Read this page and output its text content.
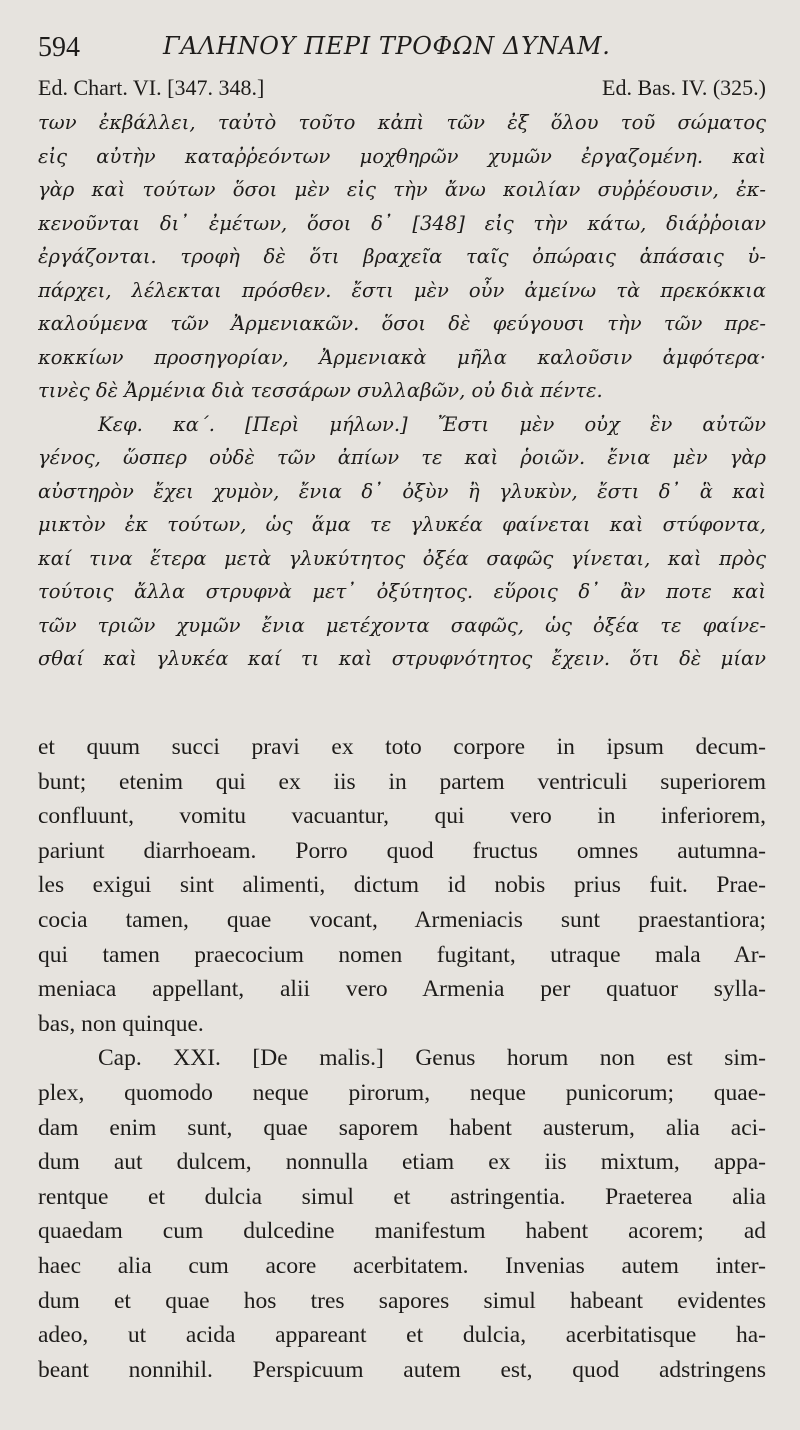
594	ΓΑΛΗΝΟΥ ΠΕΡΙ ΤΡΟΦΩΝ ΔΥΝΑΜ.
Ed. Chart. VI. [347. 348.]	Ed. Bas. IV. (325.)
των ἐκβάλλει, ταὐτὸ τοῦτο κἀπὶ τῶν ἐξ ὅλου τοῦ σώματος
εἰς αὐτὴν καταῤῥεόντων μοχθηρῶν χυμῶν ἐργαζομένη. καὶ
γὰρ καὶ τούτων ὅσοι μὲν εἰς τὴν ἄνω κοιλίαν συῤῥέουσιν, ἐκ-
κενοῦνται δι᾽ ἐμέτων, ὅσοι δ᾽ [348] εἰς τὴν κάτω, διάῤῥοιαν
ἐργάζονται. τροφὴ δὲ ὅτι βραχεῖα ταῖς ὀπώραις ἁπάσαις ὑ-
πάρχει, λέλεκται πρόσθεν. ἔστι μὲν οὖν ἀμείνω τὰ πρεκόκκια
καλούμενα τῶν Ἀρμενιακῶν. ὅσοι δὲ φεύγουσι τὴν τῶν πρε-
κοκκίων προσηγορίαν, Ἀρμενιακὰ μῆλα καλοῦσιν ἀμφότερα·
τινὲς δὲ Ἀρμένια διὰ τεσσάρων συλλαβῶν, οὐ διὰ πέντε.
Κεφ. κα΄. [Περὶ μήλων.] Ἔστι μὲν οὐχ ἓν αὐτῶν
γένος, ὥσπερ οὐδὲ τῶν ἀπίων τε καὶ ῥοιῶν. ἔνια μὲν γὰρ
αὐστηρὸν ἔχει χυμὸν, ἔνια δ᾽ ὀξὺν ἢ γλυκὺν, ἔστι δ᾽ ἃ καὶ
μικτὸν ἐκ τούτων, ὡς ἅμα τε γλυκέα φαίνεται καὶ στύφοντα,
καί τινα ἕτερα μετὰ γλυκύτητος ὀξέα σαφῶς γίνεται, καὶ πρὸς
τούτοις ἄλλα στρυφνὰ μετ᾽ ὀξύτητος. εὕροις δ᾽ ἂν ποτε καὶ
τῶν τριῶν χυμῶν ἔνια μετέχοντα σαφῶς, ὡς ὀξέα τε φαίνε-
σθαί καὶ γλυκέα καί τι καὶ στρυφνότητος ἔχειν. ὅτι δὲ μίαν
et quum succi pravi ex toto corpore in ipsum decum-
bunt; etenim qui ex iis in partem ventriculi superiorem
confluunt, vomitu vacuantur, qui vero in inferiorem,
pariunt diarrhoeam. Porro quod fructus omnes autumna-
les exigui sint alimenti, dictum id nobis prius fuit. Prae-
cocia tamen, quae vocant, Armeniacis sunt praestantiora;
qui tamen praecocium nomen fugitant, utraque mala Ar-
meniaca appellant, alii vero Armenia per quatuor sylla-
bas, non quinque.
Cap. XXI. [De malis.] Genus horum non est sim-
plex, quomodo neque pirorum, neque punicorum; quae-
dam enim sunt, quae saporem habent austerum, alia aci-
dum aut dulcem, nonnulla etiam ex iis mixtum, appa-
rentque et dulcia simul et astringentia. Praeterea alia
quaedam cum dulcedine manifestum habent acorem; ad
haec alia cum acore acerbitatem. Invenias autem inter-
dum et quae hos tres sapores simul habeant evidentes
adeo, ut acida appareant et dulcia, acerbitatisque ha-
beant nonnihil. Perspicuum autem est, quod adstringens
